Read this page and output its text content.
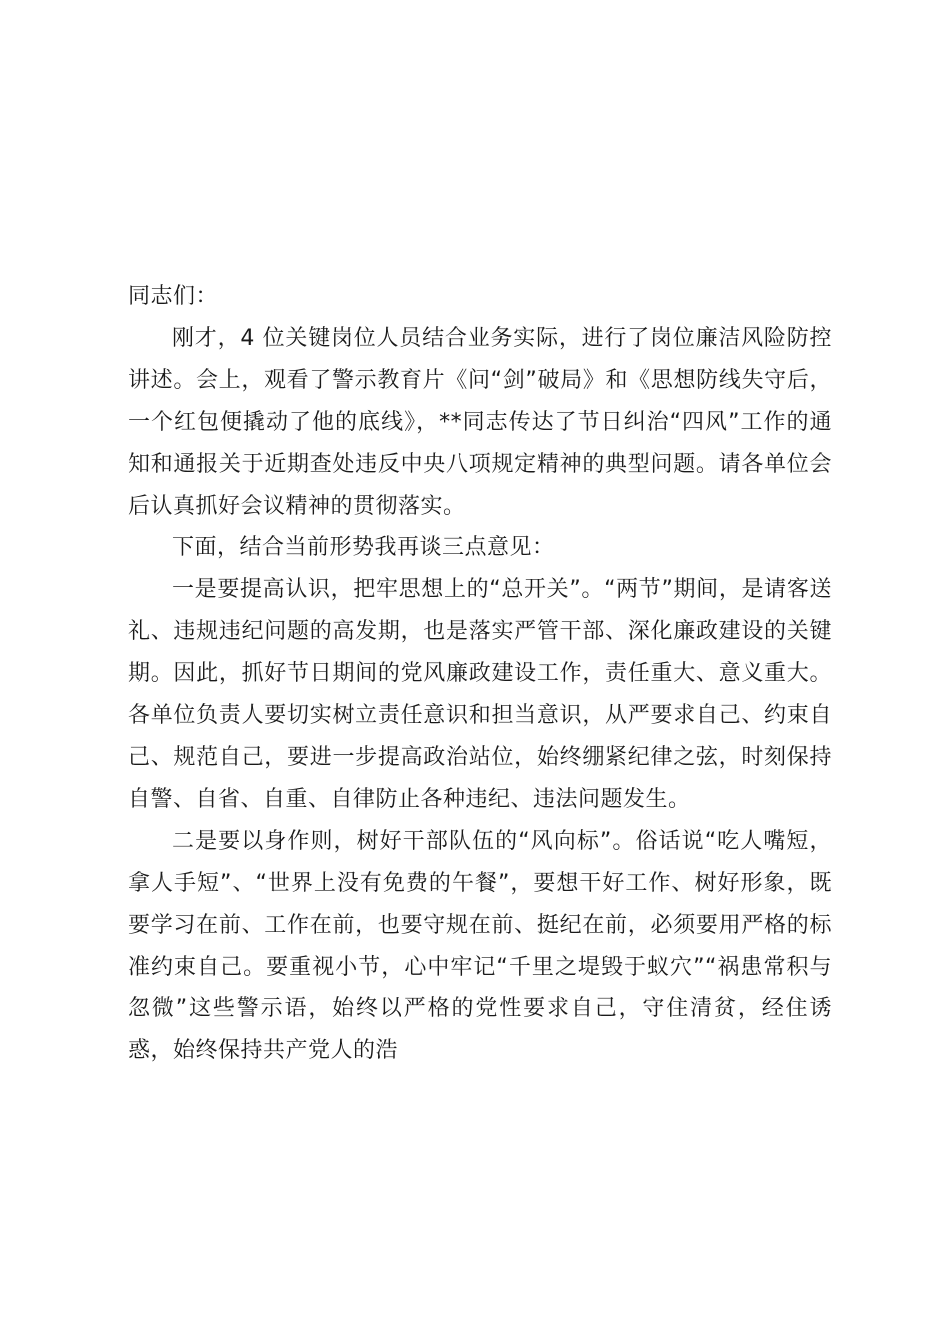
同志们：

刚才，4 位关键岗位人员结合业务实际，进行了岗位廉洁风险防控讲述。会上，观看了警示教育片《问“剑”破局》和《思想防线失守后，一个红包便撬动了他的底线》，**同志传达了节日纠治“四风”工作的通知和通报关于近期查处违反中央八项规定精神的典型问题。请各单位会后认真抓好会议精神的贯彻落实。

下面，结合当前形势我再谈三点意见：

一是要提高认识，把牢思想上的“总开关”。“两节”期间，是请客送礼、违规违纪问题的高发期，也是落实严管干部、深化廉政建设的关键期。因此，抓好节日期间的党风廉政建设工作，责任重大、意义重大。各单位负责人要切实树立责任意识和担当意识，从严要求自己、约束自己、规范自己，要进一步提高政治站位，始终绷紧纪律之弦，时刻保持自警、自省、自重、自律防止各种违纪、违法问题发生。

二是要以身作则，树好干部队伍的“风向标”。俗话说“吃人嘴短，拿人手短”、“世界上没有免费的午餐”，要想干好工作、树好形象，既要学习在前、工作在前，也要守规在前、挺纪在前，必须要用严格的标准约束自己。要重视小节，心中牢记“千里之堤毁于蚁穴”“祸患常积与忽微”这些警示语，始终以严格的党性要求自己，守住清贫，经住诱惑，始终保持共产党人的浩
